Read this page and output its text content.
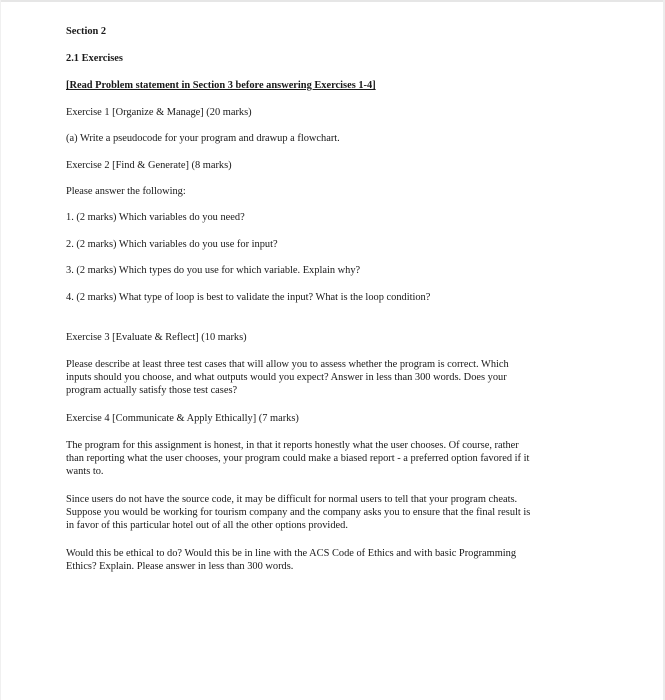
Section 2
2.1 Exercises
[Read Problem statement in Section 3 before answering Exercises 1-4]
Exercise 1 [Organize & Manage] (20 marks)
(a) Write a pseudocode for your program and drawup a flowchart.
Exercise 2 [Find & Generate] (8 marks)
Please answer the following:
1. (2 marks) Which variables do you need?
2. (2 marks) Which variables do you use for input?
3. (2 marks) Which types do you use for which variable. Explain why?
4. (2 marks) What type of loop is best to validate the input? What is the loop condition?
Exercise 3 [Evaluate & Reflect] (10 marks)
Please describe at least three test cases that will allow you to assess whether the program is correct. Which
inputs should you choose, and what outputs would you expect? Answer in less than 300 words. Does your
program actually satisfy those test cases?
Exercise 4 [Communicate & Apply Ethically] (7 marks)
The program for this assignment is honest, in that it reports honestly what the user chooses. Of course, rather
than reporting what the user chooses, your program could make a biased report - a preferred option favored if it
wants to.
Since users do not have the source code, it may be difficult for normal users to tell that your program cheats.
Suppose you would be working for tourism company and the company asks you to ensure that the final result is
in favor of this particular hotel out of all the other options provided.
Would this be ethical to do? Would this be in line with the ACS Code of Ethics and with basic Programming
Ethics? Explain. Please answer in less than 300 words.
